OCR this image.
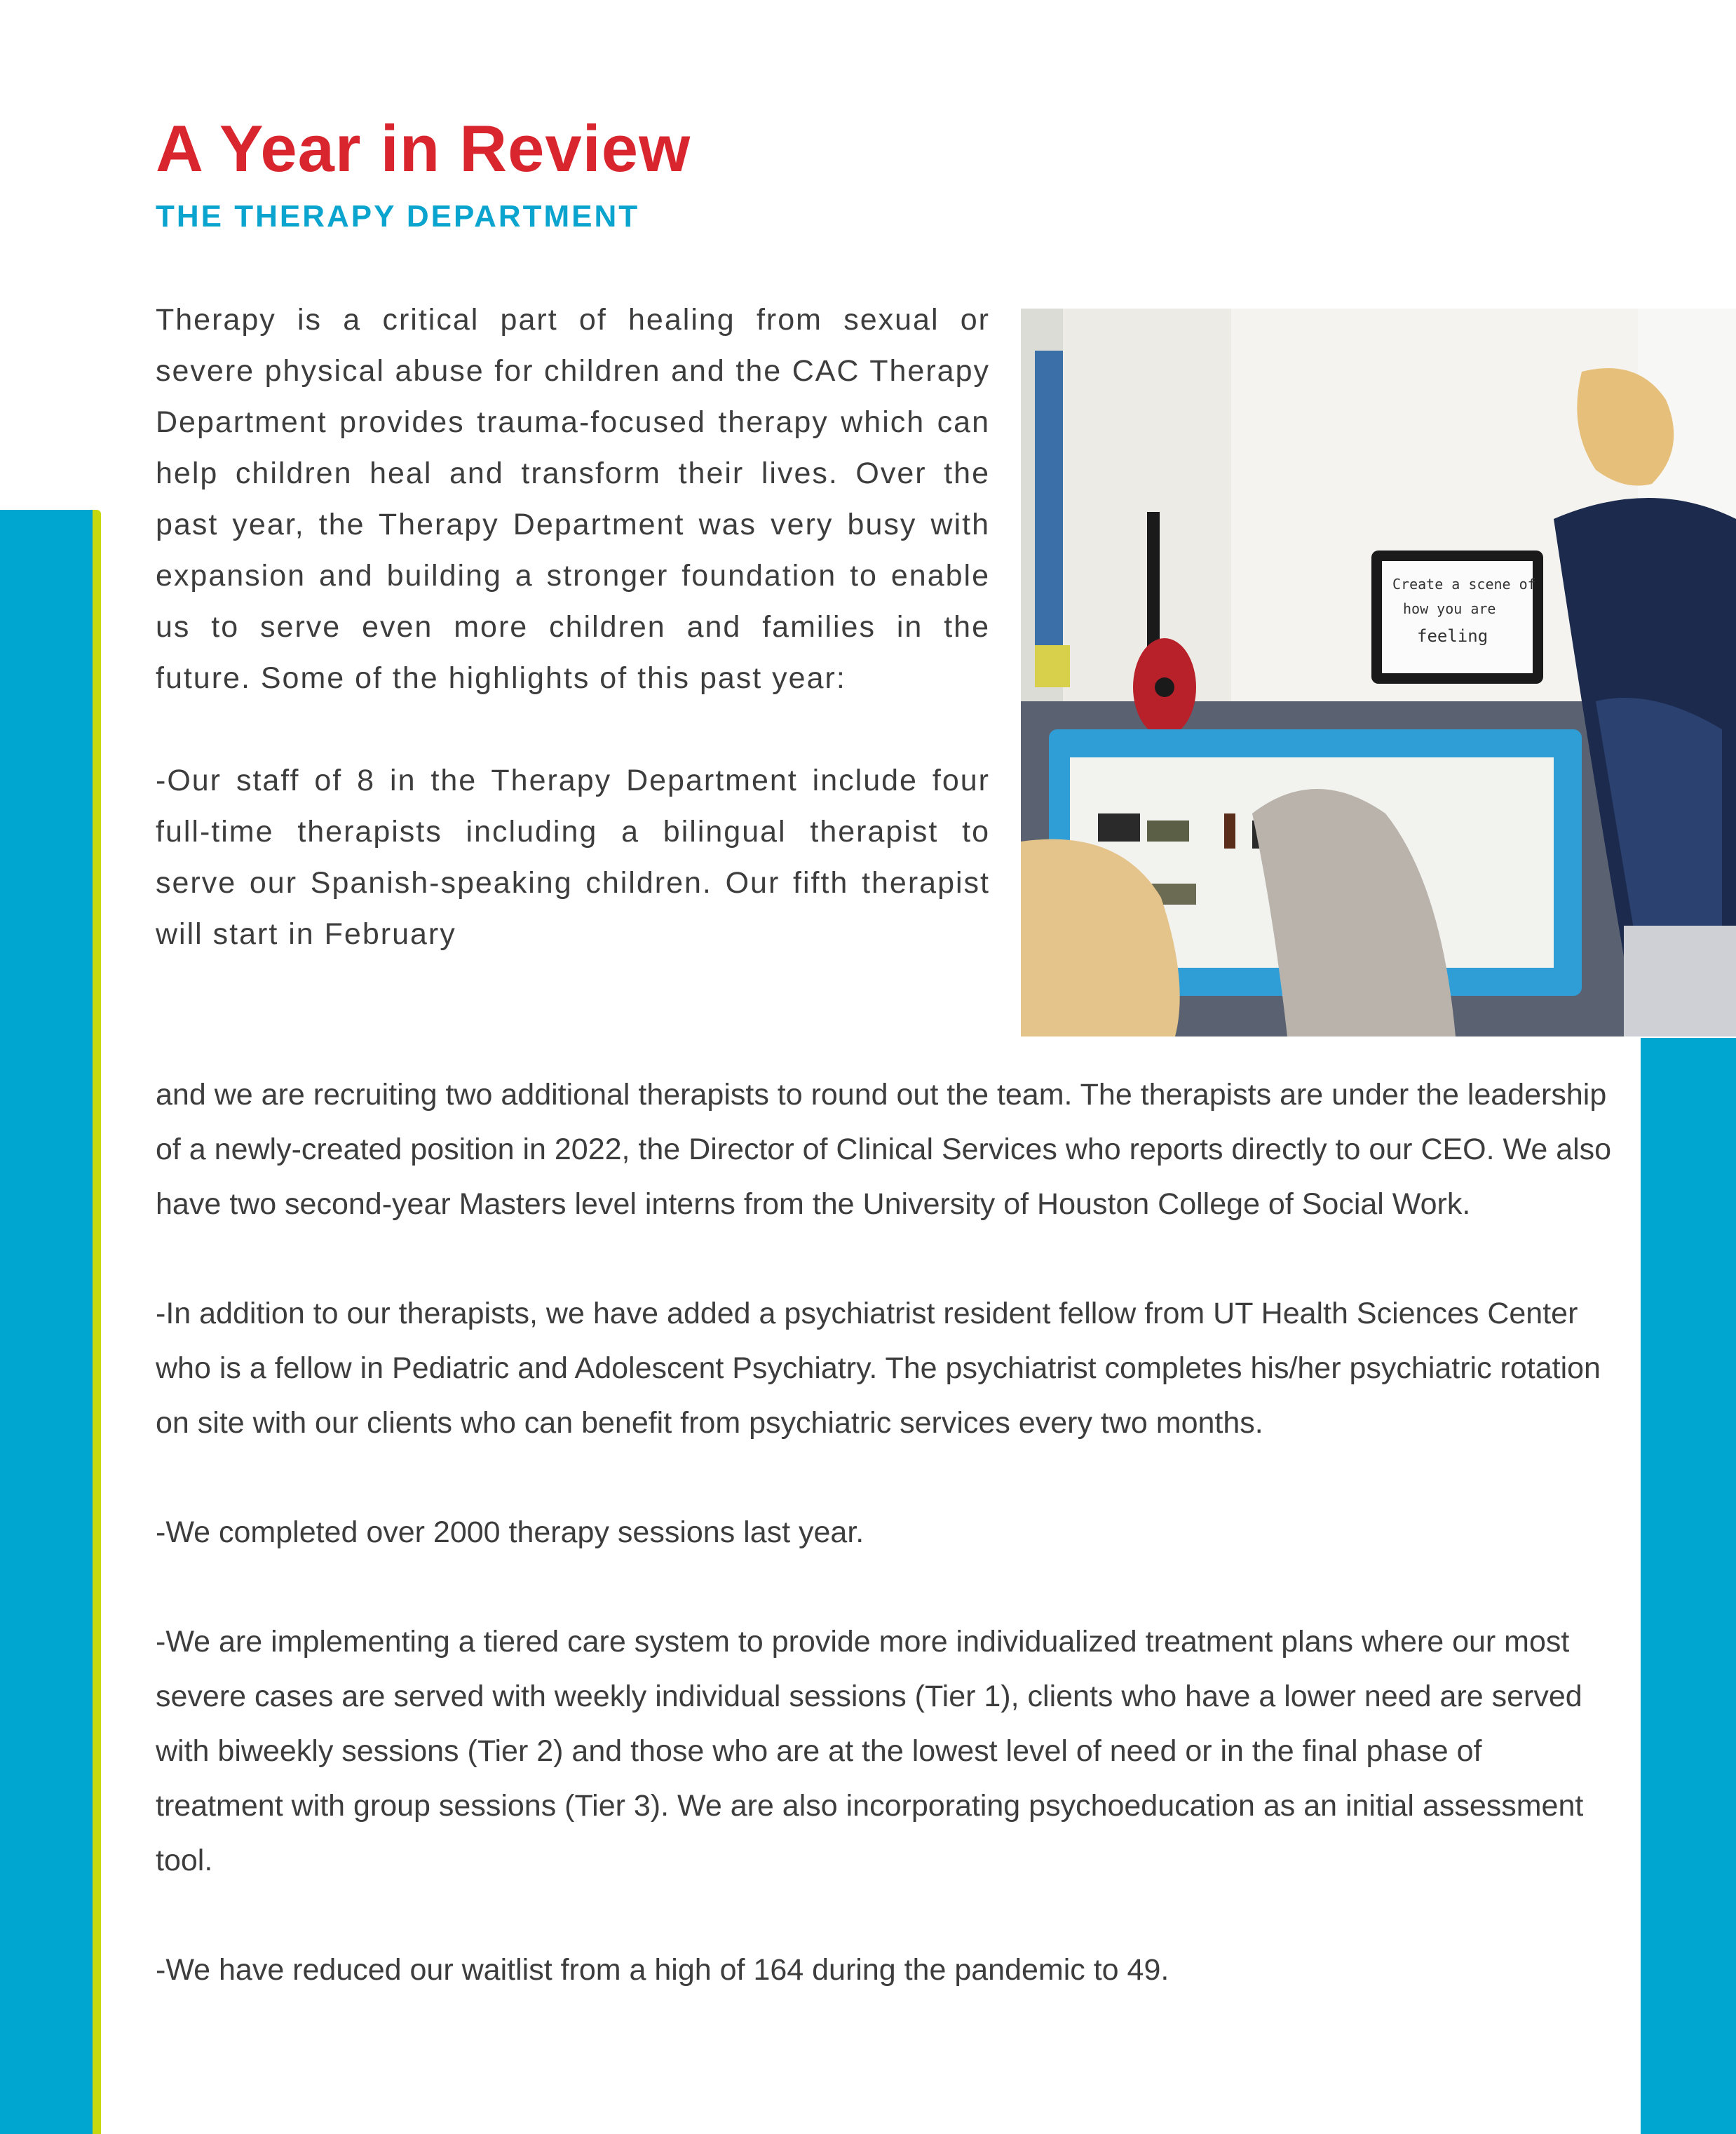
A Year in Review
THE THERAPY DEPARTMENT

Therapy is a critical part of healing from sexual or severe physical abuse for children and the CAC Therapy Department provides trauma-focused therapy which can help children heal and transform their lives. Over the past year, the Therapy Department was very busy with expansion and building a stronger foundation to enable us to serve even more children and families in the future. Some of the highlights of this past year:

-Our staff of 8 in the Therapy Department include four full-time therapists including a bilingual therapist to serve our Spanish-speaking children. Our fifth therapist will start in February

Create a scene of
how you are
feeling

and we are recruiting two additional therapists to round out the team. The therapists are under the leadership of a newly-created position in 2022, the Director of Clinical Services who reports directly to our CEO. We also have two second-year Masters level interns from the University of Houston College of Social Work.

-In addition to our therapists, we have added a psychiatrist resident fellow from UT Health Sciences Center who is a fellow in Pediatric and Adolescent Psychiatry. The psychiatrist completes his/her psychiatric rotation on site with our clients who can benefit from psychiatric services every two months.

-We completed over 2000 therapy sessions last year.

-We are implementing a tiered care system to provide more individualized treatment plans where our most severe cases are served with weekly individual sessions (Tier 1), clients who have a lower need are served with biweekly sessions (Tier 2) and those who are at the lowest level of need or in the final phase of treatment with group sessions (Tier 3). We are also incorporating psychoeducation as an initial assessment tool.

-We have reduced our waitlist from a high of 164 during the pandemic to 49.
